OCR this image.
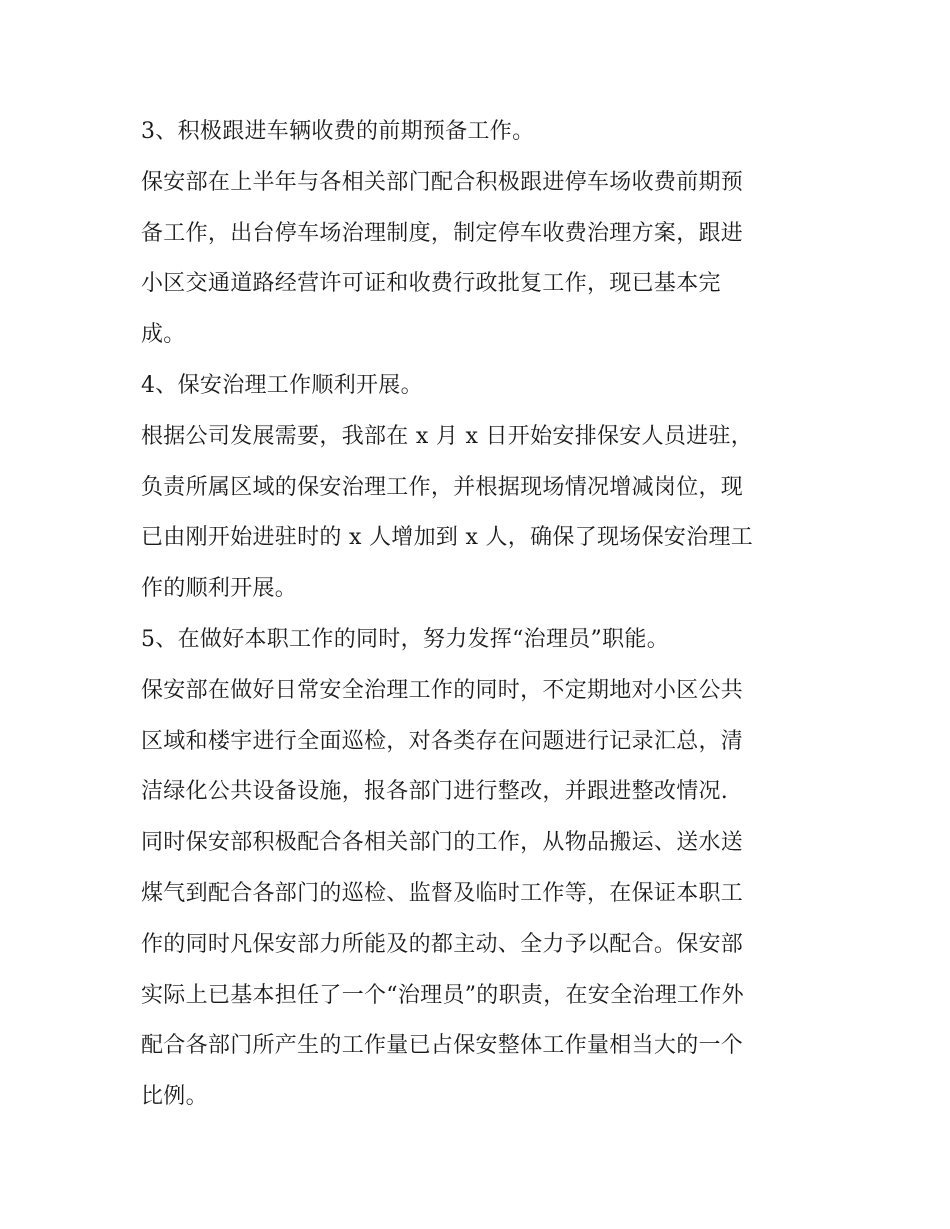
3、积极跟进车辆收费的前期预备工作。
保安部在上半年与各相关部门配合积极跟进停车场收费前期预
备工作，出台停车场治理制度，制定停车收费治理方案，跟进
小区交通道路经营许可证和收费行政批复工作，现已基本完
成。
4、保安治理工作顺利开展。
根据公司发展需要，我部在 x 月 x 日开始安排保安人员进驻，
负责所属区域的保安治理工作，并根据现场情况增减岗位，现
已由刚开始进驻时的 x 人增加到 x 人，确保了现场保安治理工
作的顺利开展。
5、在做好本职工作的同时，努力发挥“治理员”职能。
保安部在做好日常安全治理工作的同时，不定期地对小区公共
区域和楼宇进行全面巡检，对各类存在问题进行记录汇总，清
洁绿化公共设备设施，报各部门进行整改，并跟进整改情况.
同时保安部积极配合各相关部门的工作，从物品搬运、送水送
煤气到配合各部门的巡检、监督及临时工作等，在保证本职工
作的同时凡保安部力所能及的都主动、全力予以配合。保安部
实际上已基本担任了一个“治理员”的职责，在安全治理工作外
配合各部门所产生的工作量已占保安整体工作量相当大的一个
比例。
